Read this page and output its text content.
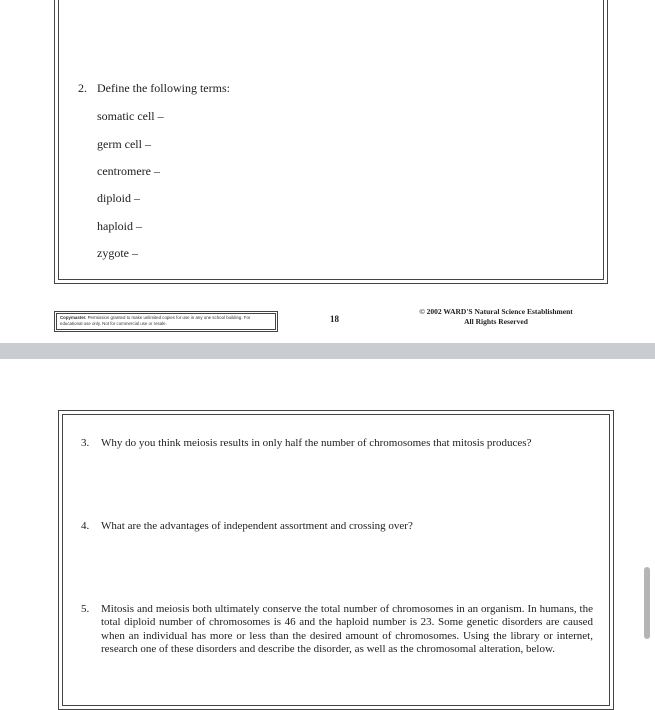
2. Define the following terms:
somatic cell –
germ cell –
centromere –
diploid –
haploid –
zygote –
Copymaster. Permission granted to make unlimited copies for use in any one school building. For educational use only. Not for commercial use or resale.	18
© 2002 WARD'S Natural Science Establishment
All Rights Reserved
3. Why do you think meiosis results in only half the number of chromosomes that mitosis produces?
4. What are the advantages of independent assortment and crossing over?
5. Mitosis and meiosis both ultimately conserve the total number of chromosomes in an organism. In humans, the total diploid number of chromosomes is 46 and the haploid number is 23. Some genetic disorders are caused when an individual has more or less than the desired amount of chromosomes. Using the library or internet, research one of these disorders and describe the disorder, as well as the chromosomal alteration, below.
